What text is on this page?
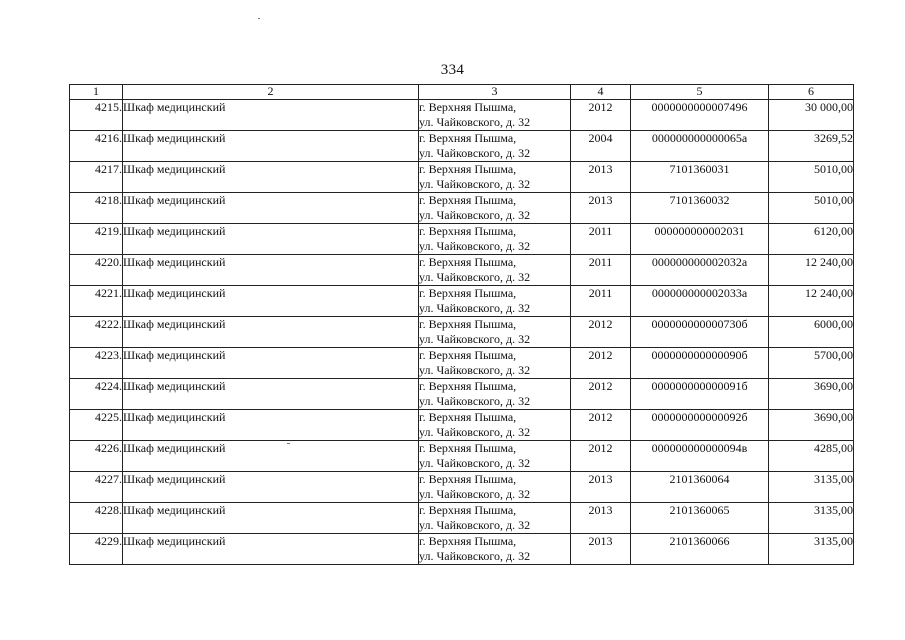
334
1	2	3	4	5	6
4215.	Шкаф медицинский	г. Верхняя Пышма,
ул. Чайковского, д. 32	2012	0000000000007496	30 000,00
4216.	Шкаф медицинский	г. Верхняя Пышма,
ул. Чайковского, д. 32	2004	000000000000065а	3269,52
4217.	Шкаф медицинский	г. Верхняя Пышма,
ул. Чайковского, д. 32	2013	7101360031	5010,00
4218.	Шкаф медицинский	г. Верхняя Пышма,
ул. Чайковского, д. 32	2013	7101360032	5010,00
4219.	Шкаф медицинский	г. Верхняя Пышма,
ул. Чайковского, д. 32	2011	000000000002031	6120,00
4220.	Шкаф медицинский	г. Верхняя Пышма,
ул. Чайковского, д. 32	2011	000000000002032а	12 240,00
4221.	Шкаф медицинский	г. Верхняя Пышма,
ул. Чайковского, д. 32	2011	000000000002033а	12 240,00
4222.	Шкаф медицинский	г. Верхняя Пышма,
ул. Чайковского, д. 32	2012	000000000000730б	6000,00
4223.	Шкаф медицинский	г. Верхняя Пышма,
ул. Чайковского, д. 32	2012	000000000000090б	5700,00
4224.	Шкаф медицинский	г. Верхняя Пышма,
ул. Чайковского, д. 32	2012	000000000000091б	3690,00
4225.	Шкаф медицинский	г. Верхняя Пышма,
ул. Чайковского, д. 32	2012	000000000000092б	3690,00
4226.	Шкаф медицинский	г. Верхняя Пышма,
ул. Чайковского, д. 32	2012	000000000000094в	4285,00
4227.	Шкаф медицинский	г. Верхняя Пышма,
ул. Чайковского, д. 32	2013	2101360064	3135,00
4228.	Шкаф медицинский	г. Верхняя Пышма,
ул. Чайковского, д. 32	2013	2101360065	3135,00
4229.	Шкаф медицинский	г. Верхняя Пышма,
ул. Чайковского, д. 32	2013	2101360066	3135,00
